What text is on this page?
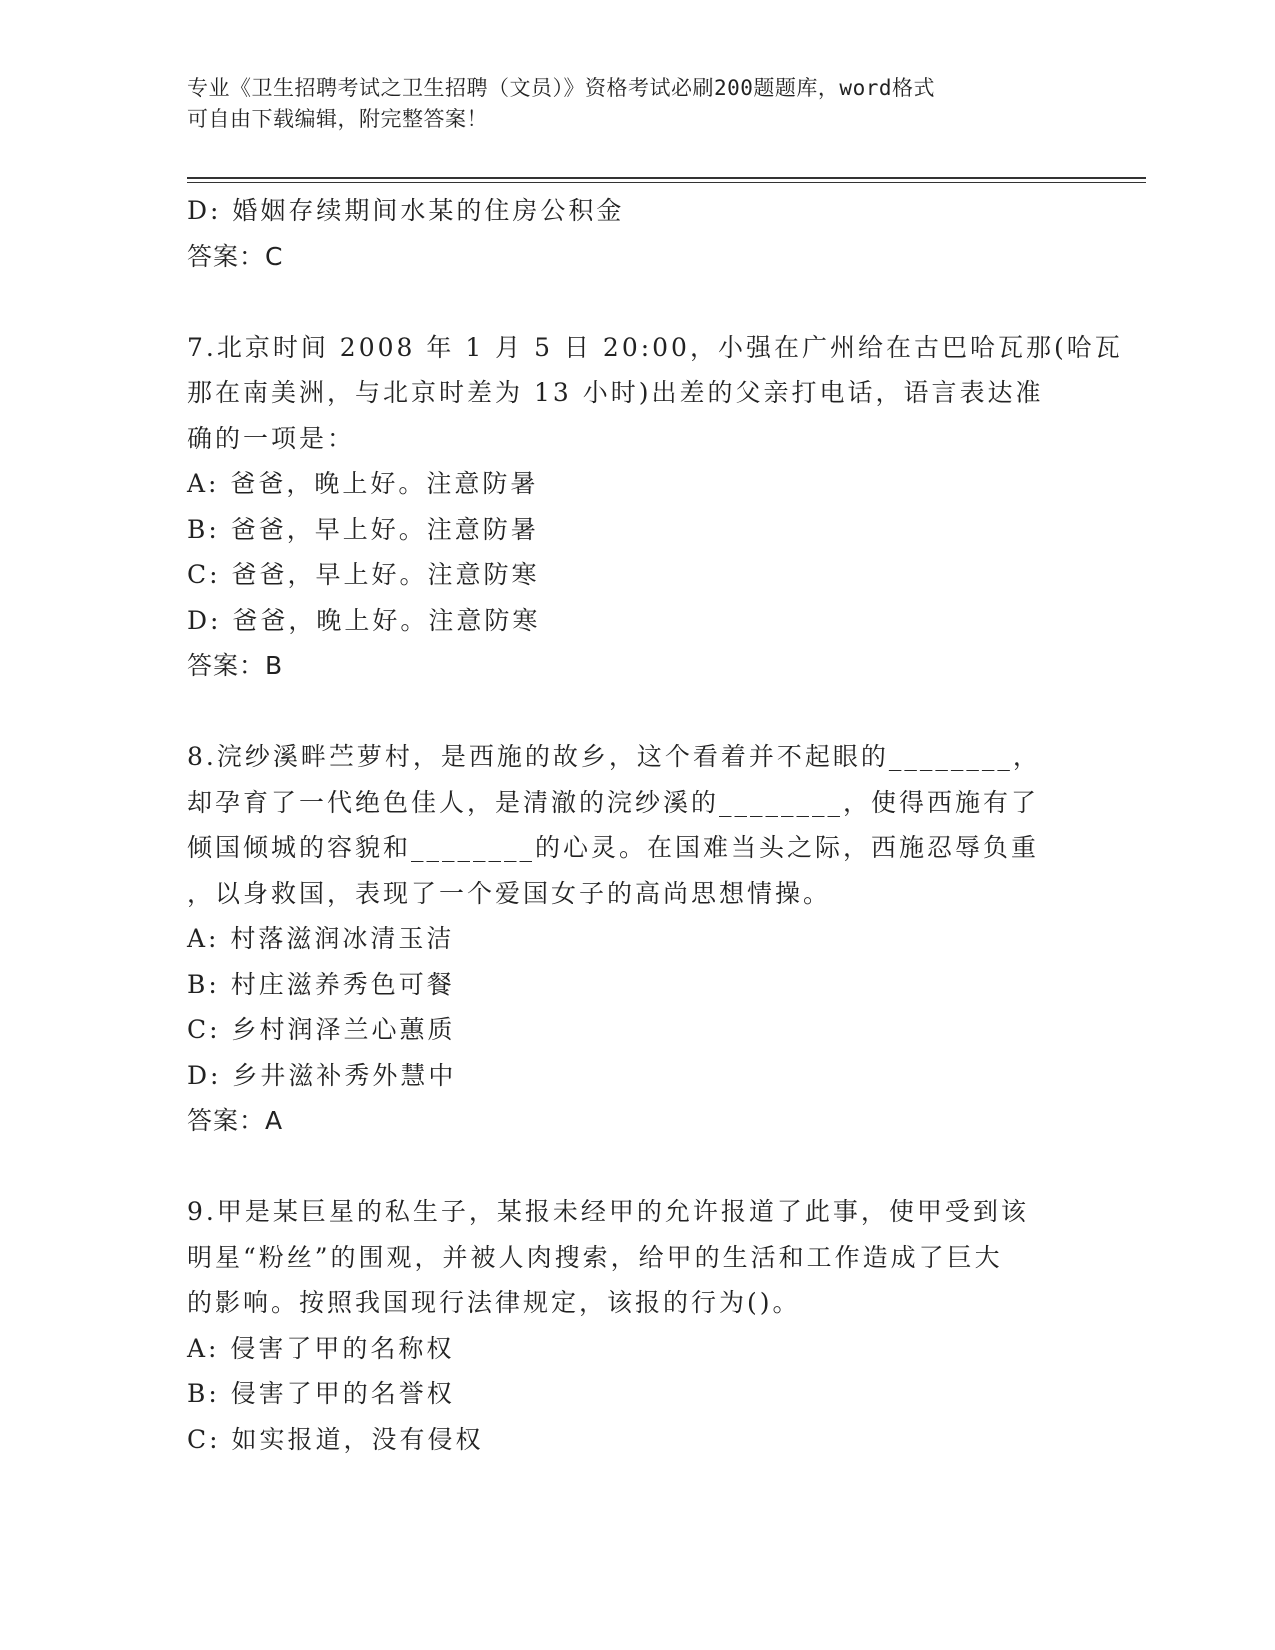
专业《卫生招聘考试之卫生招聘（文员）》资格考试必刷200题题库，word格式
可自由下载编辑，附完整答案！
D: 婚姻存续期间水某的住房公积金
答案：C
7.北京时间 2008 年 1 月 5 日 20:00，小强在广州给在古巴哈瓦那(哈瓦
那在南美洲，与北京时差为 13 小时)出差的父亲打电话，语言表达准
确的一项是：
A: 爸爸，晚上好。注意防暑
B: 爸爸，早上好。注意防暑
C: 爸爸，早上好。注意防寒
D: 爸爸，晚上好。注意防寒
答案：B
8.浣纱溪畔苎萝村，是西施的故乡，这个看着并不起眼的________，
却孕育了一代绝色佳人，是清澈的浣纱溪的________，使得西施有了
倾国倾城的容貌和________的心灵。在国难当头之际，西施忍辱负重
，以身救国，表现了一个爱国女子的高尚思想情操。
A: 村落滋润冰清玉洁
B: 村庄滋养秀色可餐
C: 乡村润泽兰心蕙质
D: 乡井滋补秀外慧中
答案：A
9.甲是某巨星的私生子，某报未经甲的允许报道了此事，使甲受到该
明星“粉丝”的围观，并被人肉搜索，给甲的生活和工作造成了巨大
的影响。按照我国现行法律规定，该报的行为()。
A: 侵害了甲的名称权
B: 侵害了甲的名誉权
C: 如实报道，没有侵权
